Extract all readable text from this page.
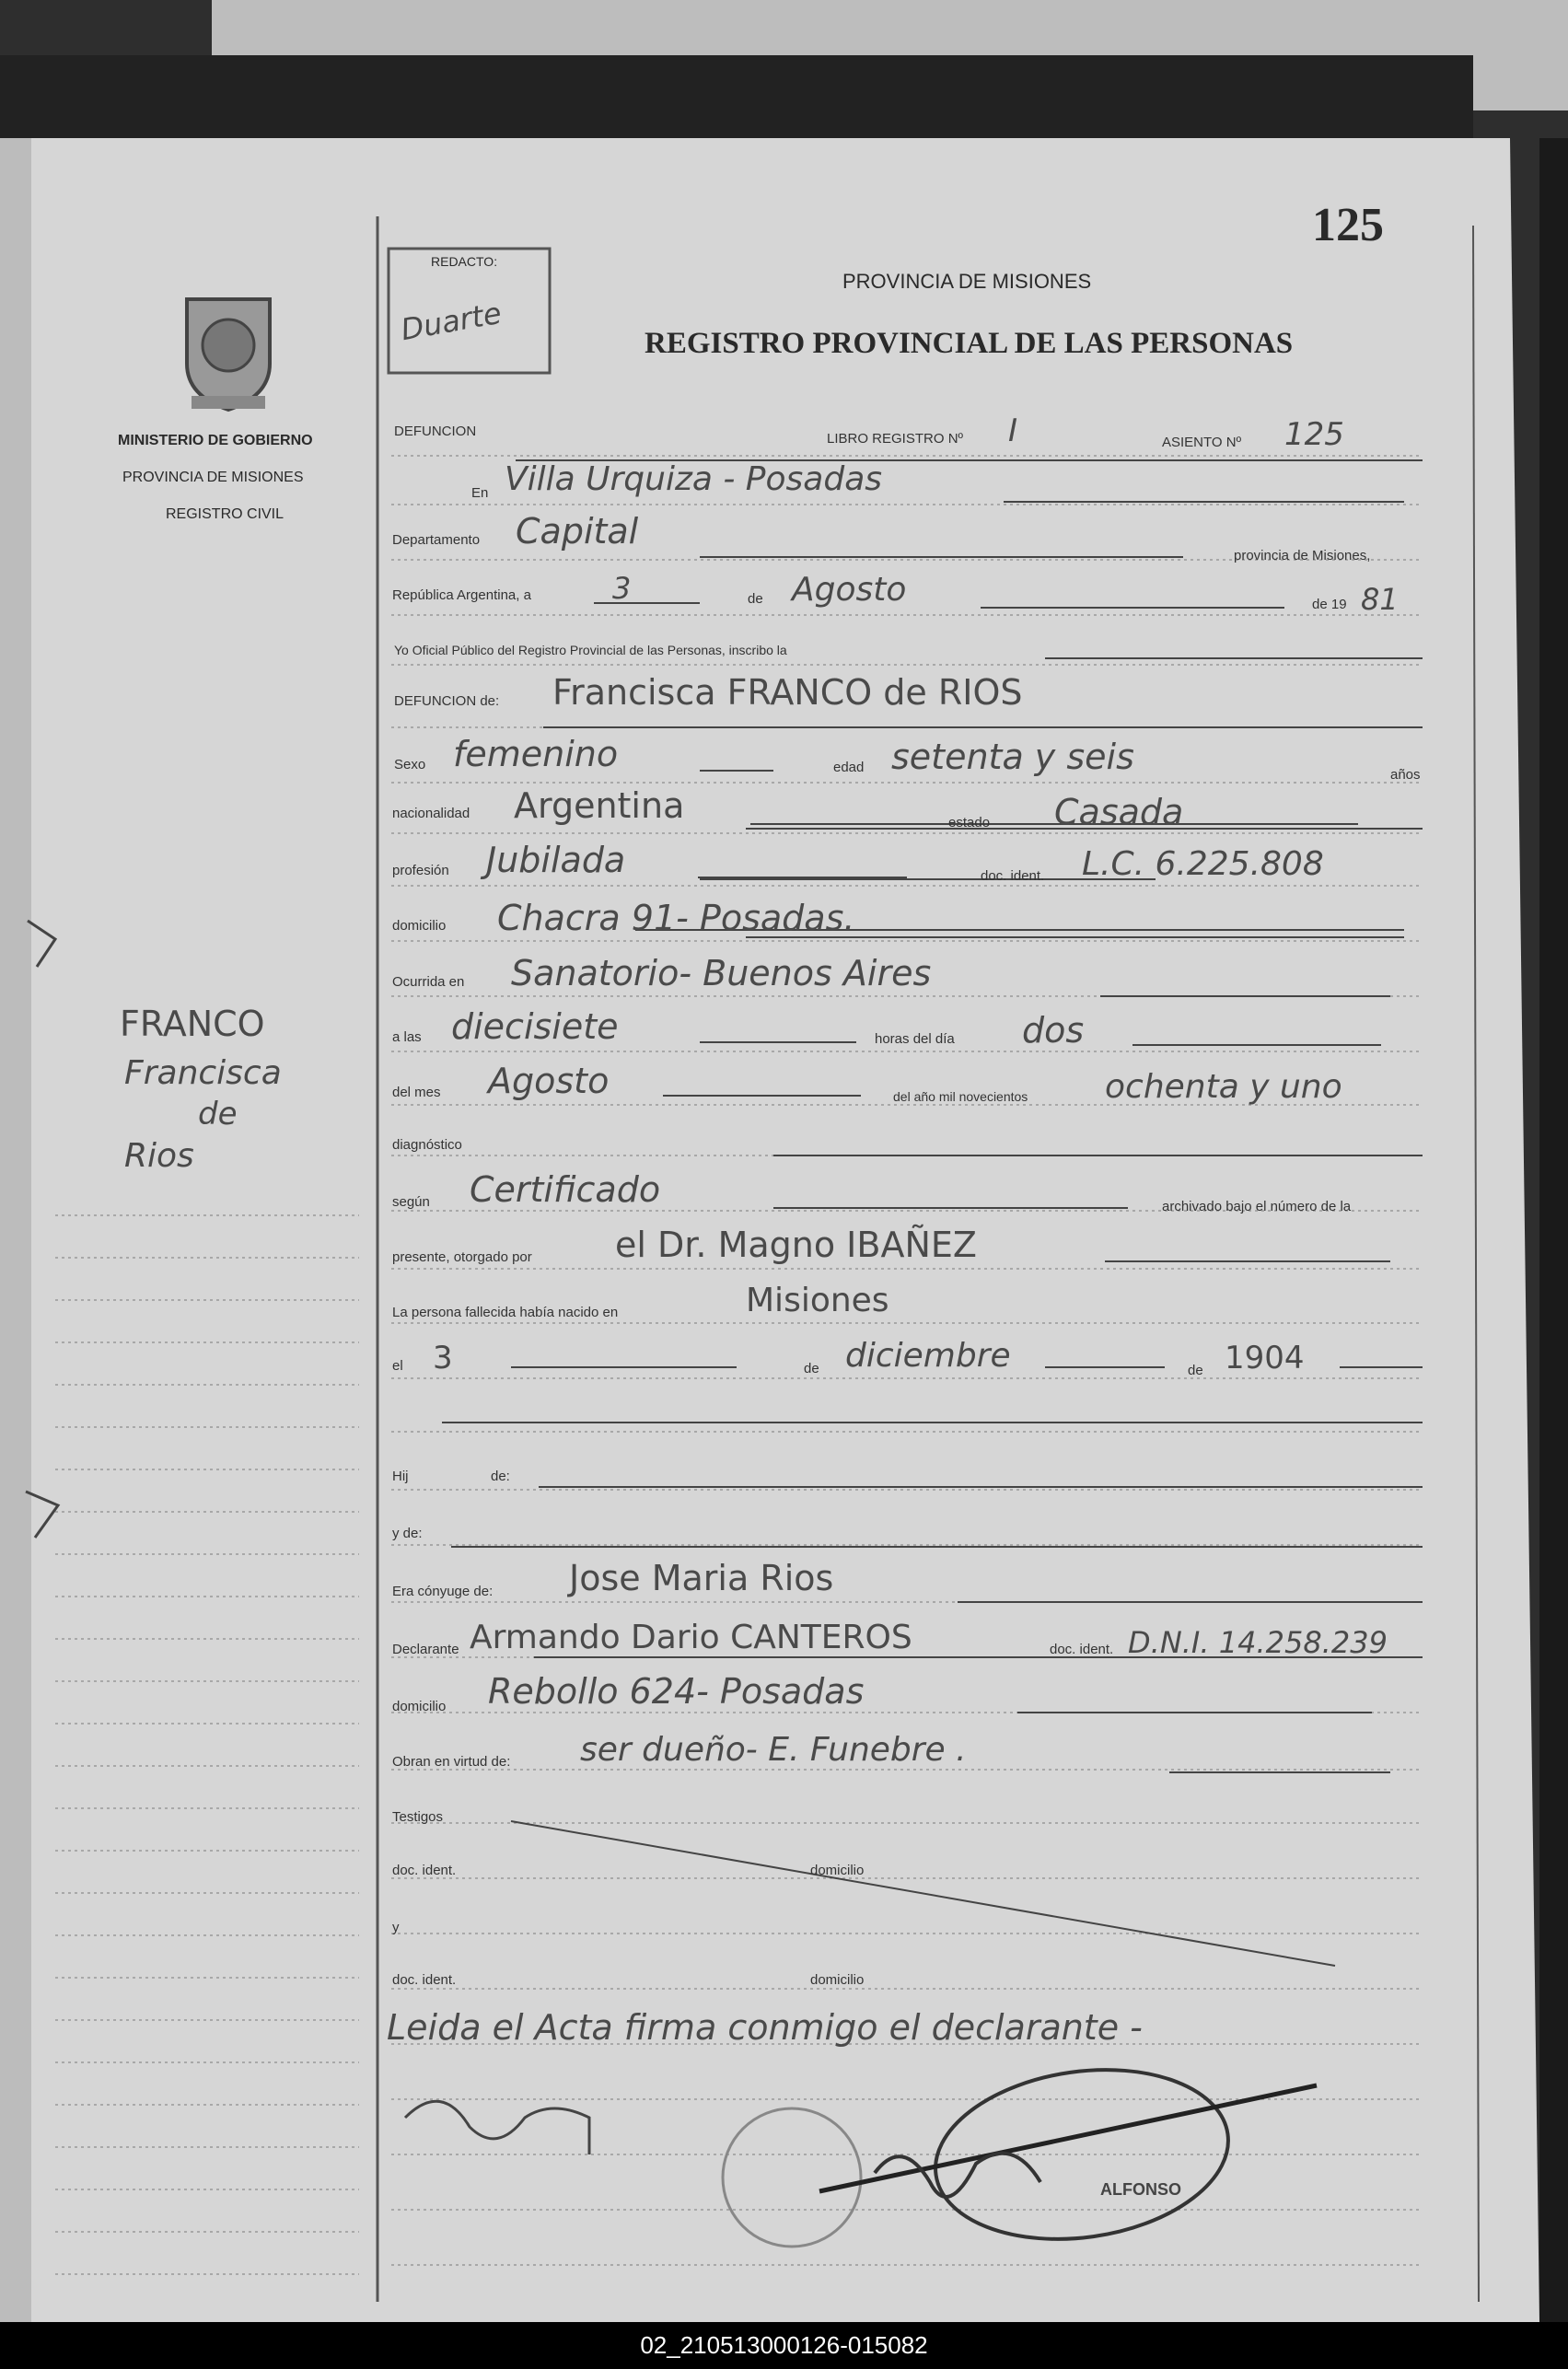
125
REDACTO:
Duarte
PROVINCIA DE MISIONES
REGISTRO PROVINCIAL DE LAS PERSONAS
MINISTERIO DE GOBIERNO
PROVINCIA DE MISIONES
REGISTRO CIVIL
FRANCO
Francisca
de
Rios
DEFUNCION	LIBRO REGISTRO Nº I	ASIENTO Nº 125
En Villa Urquiza - Posadas
Departamento Capital
provincia de Misiones,
República Argentina, a	3	de Agosto	de 19 81
Yo Oficial Público del Registro Provincial de las Personas, inscribo la
DEFUNCION de: Francisca FRANCO de RIOS
Sexo femenino	edad setenta y seis	años
nacionalidad Argentina	estado Casada
profesión Jubilada	doc. ident. L.C. 6.225.808
domicilio Chacra 91- Posadas.
Ocurrida en Sanatorio- Buenos Aires
a las diecisiete	horas del día dos
del mes Agosto	del año mil novecientos ochenta y uno
diagnóstico
según Certificado	archivado bajo el número de la
presente, otorgado por el Dr. Magno IBAÑEZ
La persona fallecida había nacido en	Misiones
el 3	de diciembre	de 1904
Hij	de:
y de:
Era cónyuge de: Jose Maria Rios
Declarante Armando Dario CANTEROS	doc. ident. D.N.I. 14.258.239
domicilio Rebollo 624- Posadas
Obran en virtud de: ser dueño- E. Funebre .
Testigos
doc. ident.	domicilio
y
doc. ident.	domicilio
Leida el Acta firma conmigo el declarante -
ALFONSO
02_210513000126-015082
